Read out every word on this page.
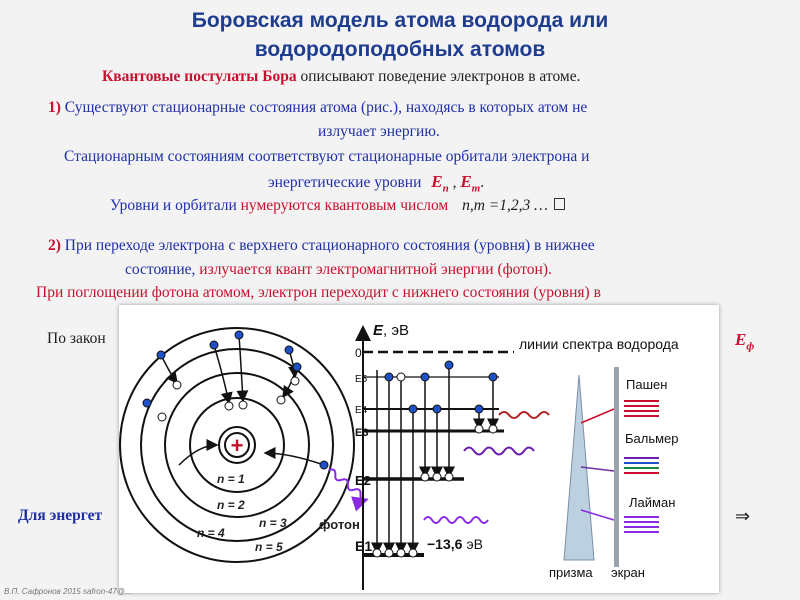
Боровская модель атома водорода или
водородоподобных атомов
Квантовые постулаты Бора описывают поведение электронов в атоме.
1) Существуют стационарные состояния атома (рис.), находясь в которых атом не
излучает энергию.
Стационарным состояниям соответствуют стационарные орбитали электрона и
энергетические уровни $E_n$ , $E_m$.
Уровни и орбитали нумеруются квантовым числом n,m =1,2,3 …
2) При переходе электрона с верхнего стационарного состояния (уровня) в нижнее
состояние, излучается квант электромагнитной энергии (фотон).
При поглощении фотона атомом, электрон переходит с нижнего состояния (уровня) в
По закон	$E_ф$
Для энергет	⇒
+
n = 1
n = 2
n = 3
n = 4
n = 5
фотон
E, эВ
0
E5
E4
E3
E2
E1	−13,6 эВ
линии спектра водорода
призма экран
Пашен
Бальмер
Лайман
В.П. Сафронов 2015 safron-47@...
